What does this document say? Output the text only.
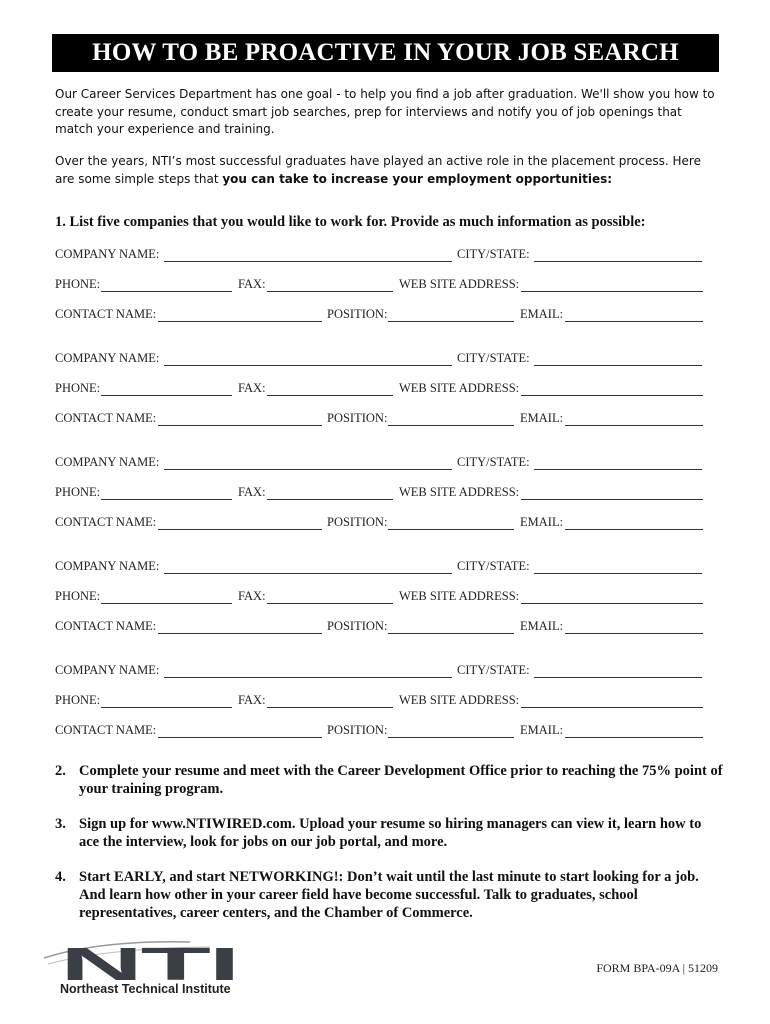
HOW TO BE PROACTIVE IN YOUR JOB SEARCH
Our Career Services Department has one goal - to help you find a job after graduation. We'll show you how to create your resume, conduct smart job searches, prep for interviews and notify you of job openings that match your experience and training.
Over the years, NTI’s most successful graduates have played an active role in the placement process. Here are some simple steps that you can take to increase your employment opportunities:
1. List five companies that you would like to work for. Provide as much information as possible:
COMPANY NAME:	CITY/STATE:
PHONE:	FAX:	WEB SITE ADDRESS:
CONTACT NAME:	POSITION:	EMAIL:
COMPANY NAME:	CITY/STATE:
PHONE:	FAX:	WEB SITE ADDRESS:
CONTACT NAME:	POSITION:	EMAIL:
COMPANY NAME:	CITY/STATE:
PHONE:	FAX:	WEB SITE ADDRESS:
CONTACT NAME:	POSITION:	EMAIL:
COMPANY NAME:	CITY/STATE:
PHONE:	FAX:	WEB SITE ADDRESS:
CONTACT NAME:	POSITION:	EMAIL:
COMPANY NAME:	CITY/STATE:
PHONE:	FAX:	WEB SITE ADDRESS:
CONTACT NAME:	POSITION:	EMAIL:
2. Complete your resume and meet with the Career Development Office prior to reaching the 75% point of your training program.
3. Sign up for www.NTIWIRED.com. Upload your resume so hiring managers can view it, learn how to ace the interview, look for jobs on our job portal, and more.
4. Start EARLY, and start NETWORKING!: Don’t wait until the last minute to start looking for a job. And learn how other in your career field have become successful. Talk to graduates, school representatives, career centers, and the Chamber of Commerce.
NTI
Northeast Technical Institute
FORM BPA-09A | 51209
